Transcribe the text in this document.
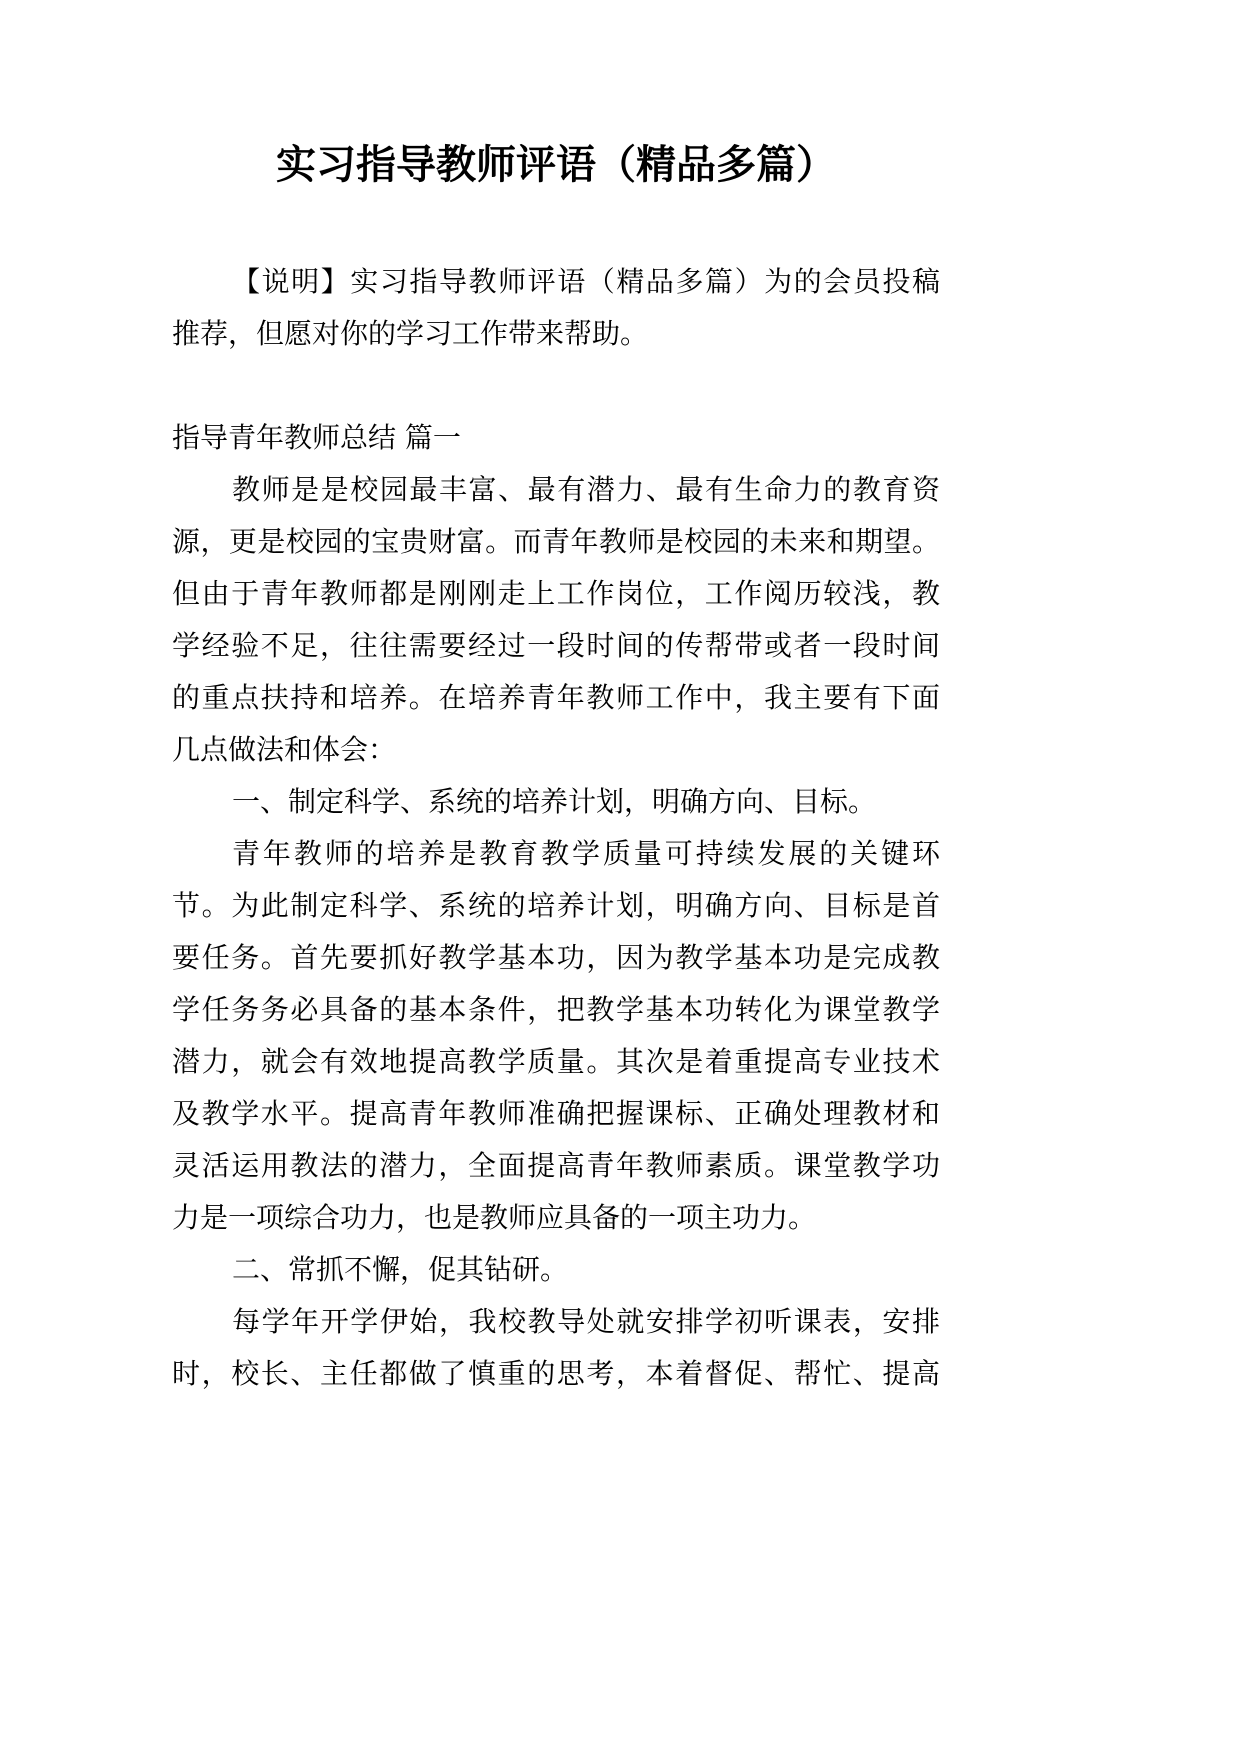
实习指导教师评语（精品多篇）
【说明】实习指导教师评语（精品多篇）为的会员投稿
推荐，但愿对你的学习工作带来帮助。
指导青年教师总结 篇一
教师是是校园最丰富、最有潜力、最有生命力的教育资
源，更是校园的宝贵财富。而青年教师是校园的未来和期望。
但由于青年教师都是刚刚走上工作岗位，工作阅历较浅，教
学经验不足，往往需要经过一段时间的传帮带或者一段时间
的重点扶持和培养。在培养青年教师工作中，我主要有下面
几点做法和体会：
一、制定科学、系统的培养计划，明确方向、目标。
青年教师的培养是教育教学质量可持续发展的关键环
节。为此制定科学、系统的培养计划，明确方向、目标是首
要任务。首先要抓好教学基本功，因为教学基本功是完成教
学任务务必具备的基本条件，把教学基本功转化为课堂教学
潜力，就会有效地提高教学质量。其次是着重提高专业技术
及教学水平。提高青年教师准确把握课标、正确处理教材和
灵活运用教法的潜力，全面提高青年教师素质。课堂教学功
力是一项综合功力，也是教师应具备的一项主功力。
二、常抓不懈，促其钻研。
每学年开学伊始，我校教导处就安排学初听课表，安排
时，校长、主任都做了慎重的思考，本着督促、帮忙、提高
